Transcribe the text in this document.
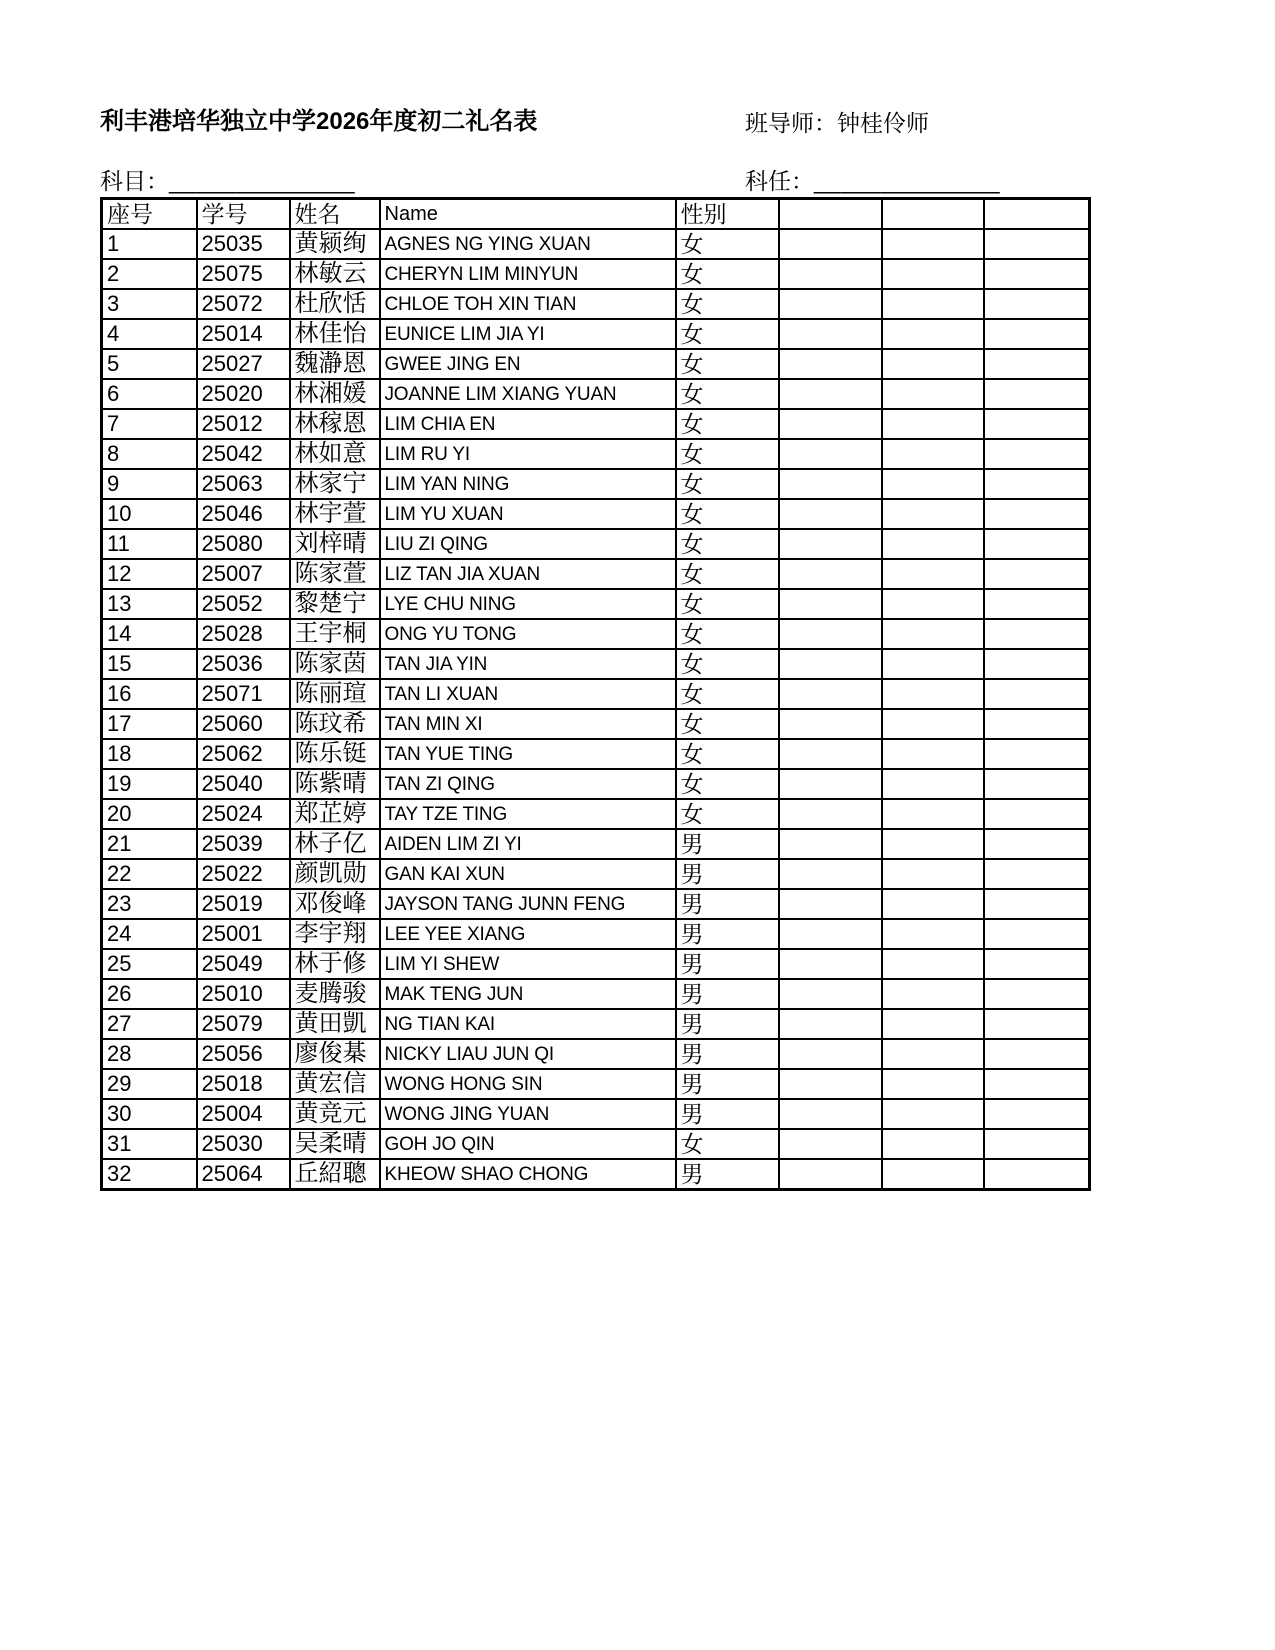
利丰港培华独立中学2026年度初二礼名表	班导师：钟桂伶师
科目：______________	科任：______________
座号	学号	姓名	Name	性别			
1	25035	黄颍绚	AGNES NG YING XUAN	女			
2	25075	林敏云	CHERYN LIM MINYUN	女			
3	25072	杜欣恬	CHLOE TOH XIN TIAN	女			
4	25014	林佳怡	EUNICE LIM JIA YI	女			
5	25027	魏瀞恩	GWEE JING EN	女			
6	25020	林湘媛	JOANNE LIM XIANG YUAN	女			
7	25012	林稼恩	LIM CHIA EN	女			
8	25042	林如意	LIM RU YI	女			
9	25063	林家宁	LIM YAN NING	女			
10	25046	林宇萱	LIM YU XUAN	女			
11	25080	刘梓晴	LIU ZI QING	女			
12	25007	陈家萱	LIZ TAN JIA XUAN	女			
13	25052	黎楚宁	LYE CHU NING	女			
14	25028	王宇桐	ONG YU TONG	女			
15	25036	陈家茵	TAN JIA YIN	女			
16	25071	陈丽瑄	TAN LI XUAN	女			
17	25060	陈玟希	TAN MIN XI	女			
18	25062	陈乐铤	TAN YUE TING	女			
19	25040	陈紫晴	TAN ZI QING	女			
20	25024	郑芷婷	TAY TZE TING	女			
21	25039	林子亿	AIDEN LIM ZI YI	男			
22	25022	颜凯勋	GAN KAI XUN	男			
23	25019	邓俊峰	JAYSON TANG JUNN FENG	男			
24	25001	李宇翔	LEE YEE XIANG	男			
25	25049	林于修	LIM YI SHEW	男			
26	25010	麦腾骏	MAK TENG JUN	男			
27	25079	黄田凱	NG TIAN KAI	男			
28	25056	廖俊棊	NICKY LIAU JUN QI	男			
29	25018	黄宏信	WONG HONG SIN	男			
30	25004	黄竞元	WONG JING YUAN	男			
31	25030	吴柔晴	GOH JO QIN	女			
32	25064	丘紹聰	KHEOW SHAO CHONG	男			
